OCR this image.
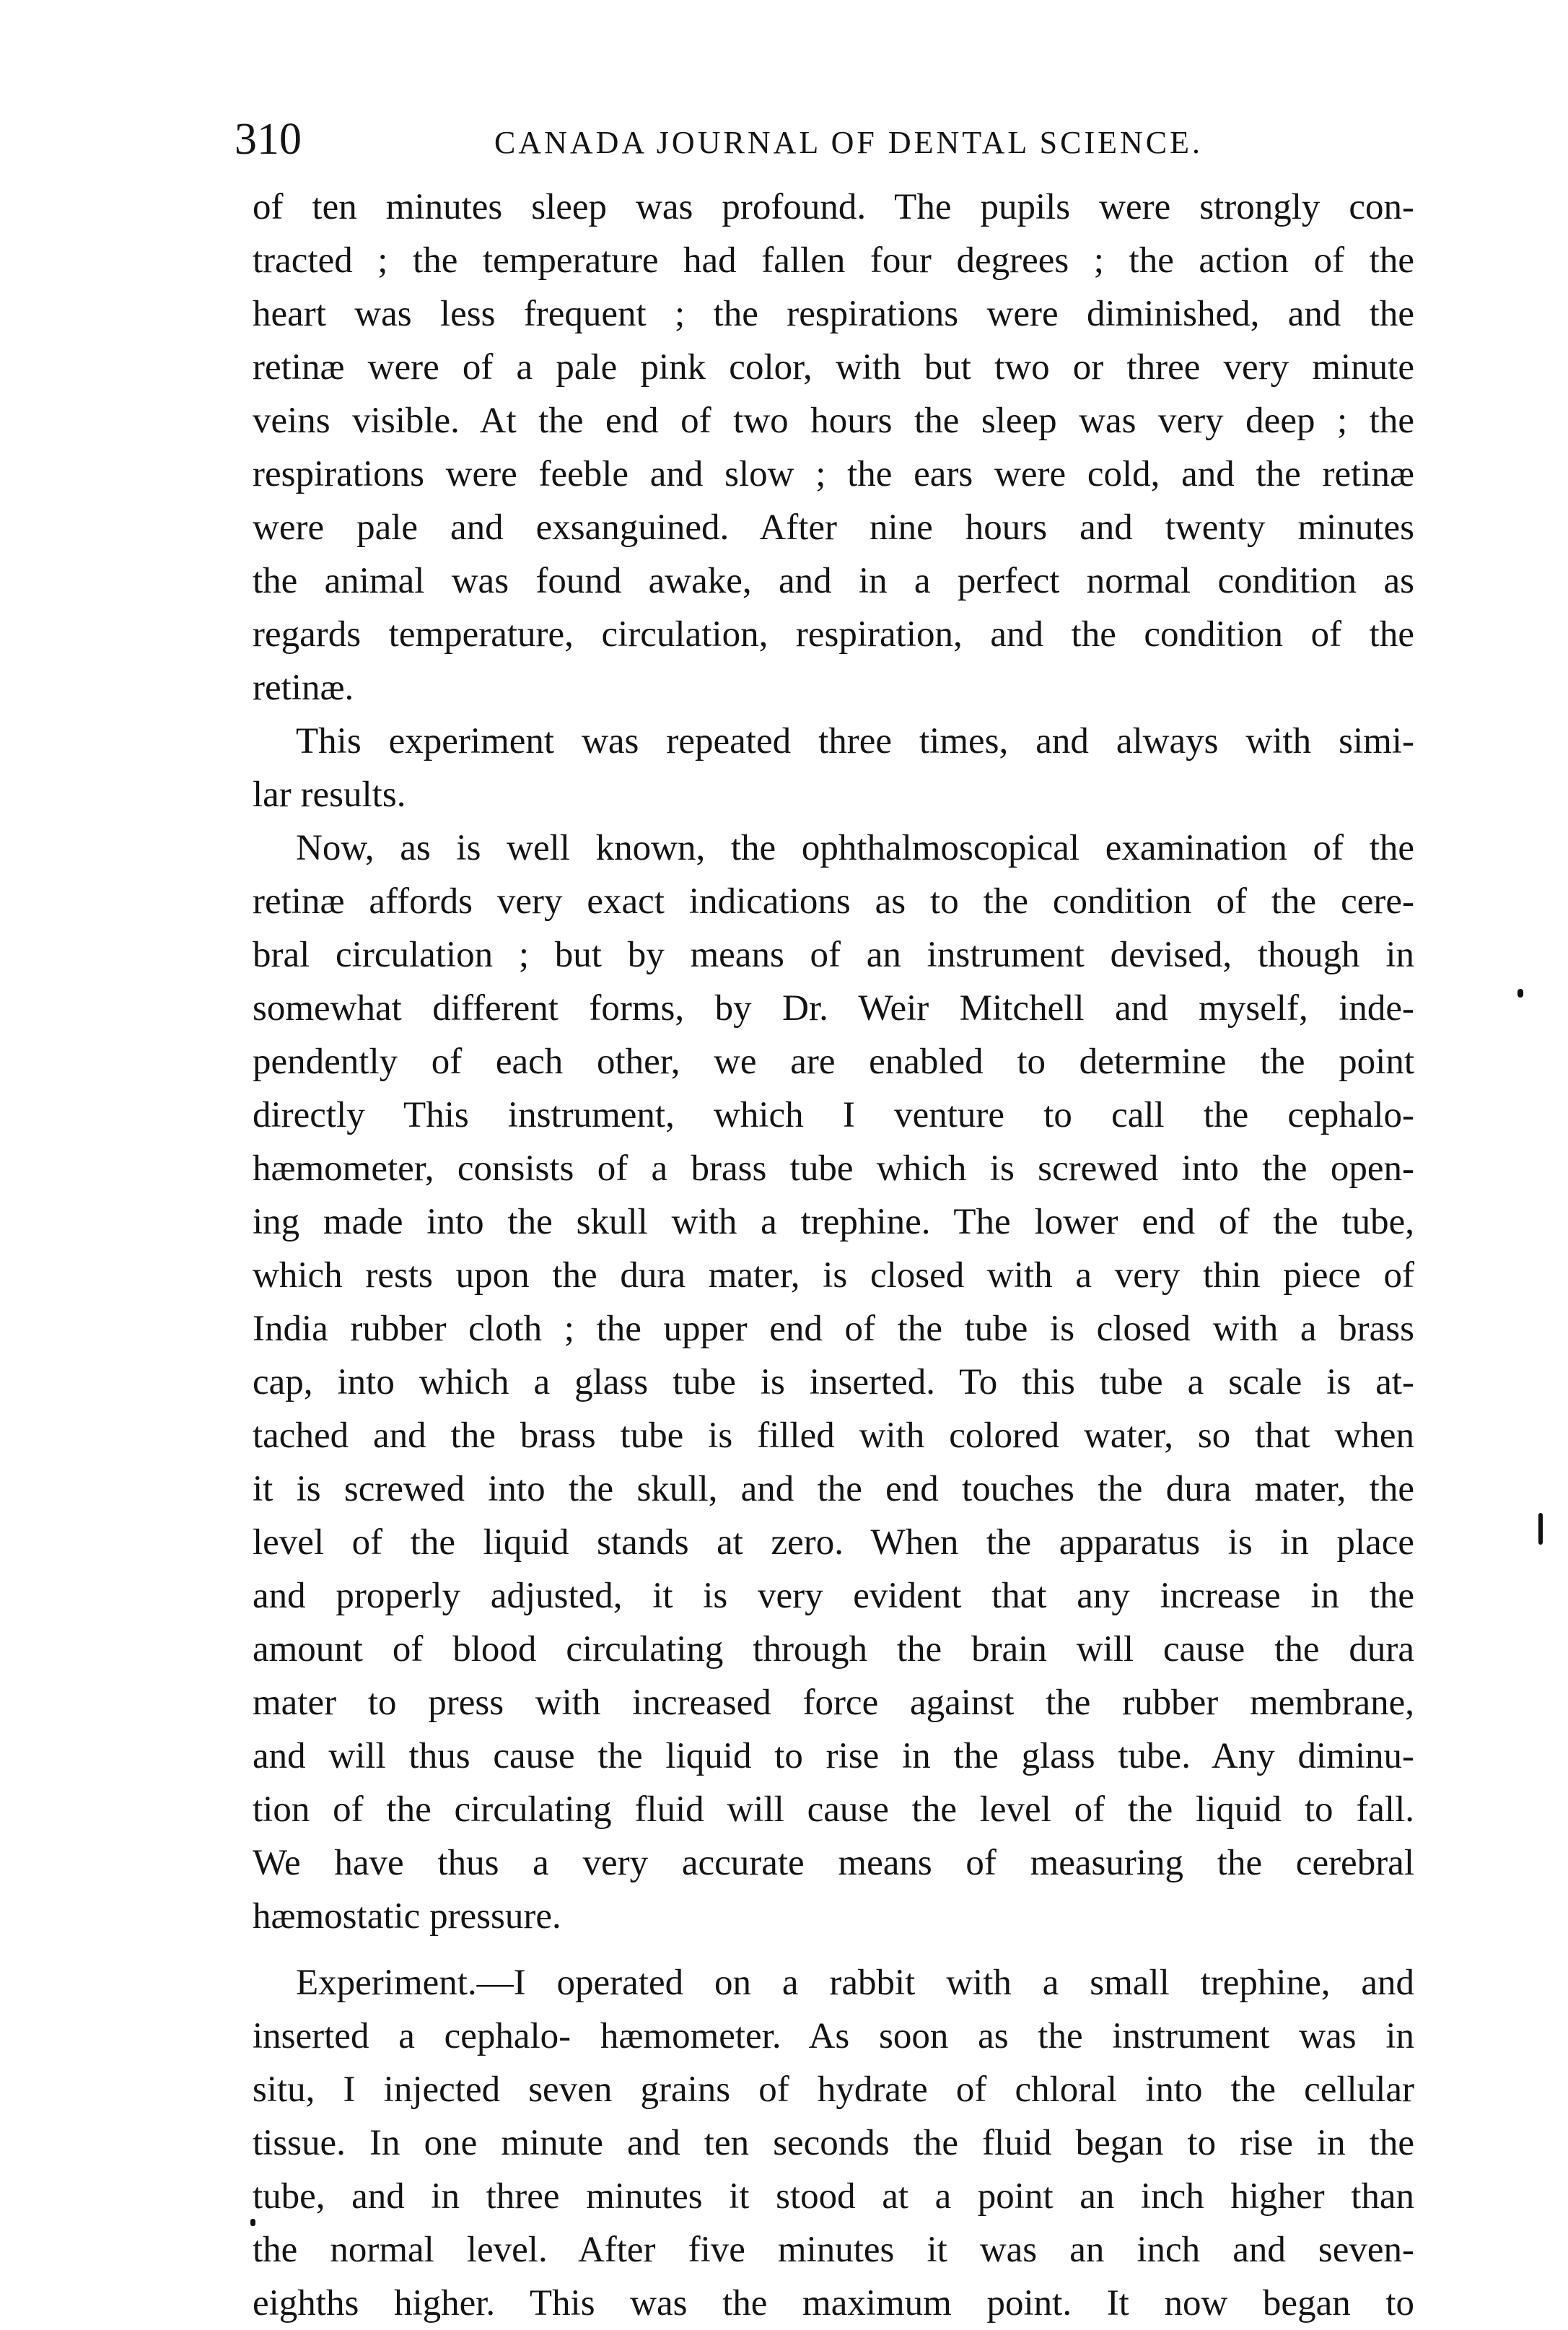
310	CANADA JOURNAL OF DENTAL SCIENCE.
of ten minutes sleep was profound. The pupils were strongly con-
tracted ; the temperature had fallen four degrees ; the action of the
heart was less frequent ; the respirations were diminished, and the
retinæ were of a pale pink color, with but two or three very minute
veins visible. At the end of two hours the sleep was very deep ; the
respirations were feeble and slow ; the ears were cold, and the retinæ
were pale and exsanguined. After nine hours and twenty minutes
the animal was found awake, and in a perfect normal condition as
regards temperature, circulation, respiration, and the condition of the
retinæ.
This experiment was repeated three times, and always with simi-
lar results.
Now, as is well known, the ophthalmoscopical examination of the
retinæ affords very exact indications as to the condition of the cere-
bral circulation ; but by means of an instrument devised, though in
somewhat different forms, by Dr. Weir Mitchell and myself, inde-
pendently of each other, we are enabled to determine the point
directly This instrument, which I venture to call the cephalo-
hæmometer, consists of a brass tube which is screwed into the open-
ing made into the skull with a trephine. The lower end of the tube,
which rests upon the dura mater, is closed with a very thin piece of
India rubber cloth ; the upper end of the tube is closed with a brass
cap, into which a glass tube is inserted. To this tube a scale is at-
tached and the brass tube is filled with colored water, so that when
it is screwed into the skull, and the end touches the dura mater, the
level of the liquid stands at zero. When the apparatus is in place
and properly adjusted, it is very evident that any increase in the
amount of blood circulating through the brain will cause the dura
mater to press with increased force against the rubber membrane,
and will thus cause the liquid to rise in the glass tube. Any diminu-
tion of the circulating fluid will cause the level of the liquid to fall.
We have thus a very accurate means of measuring the cerebral
hæmostatic pressure.
Experiment.—I operated on a rabbit with a small trephine, and
inserted a cephalo- hæmometer. As soon as the instrument was in
situ, I injected seven grains of hydrate of chloral into the cellular
tissue. In one minute and ten seconds the fluid began to rise in the
tube, and in three minutes it stood at a point an inch higher than
the normal level. After five minutes it was an inch and seven-
eighths higher. This was the maximum point. It now began to
